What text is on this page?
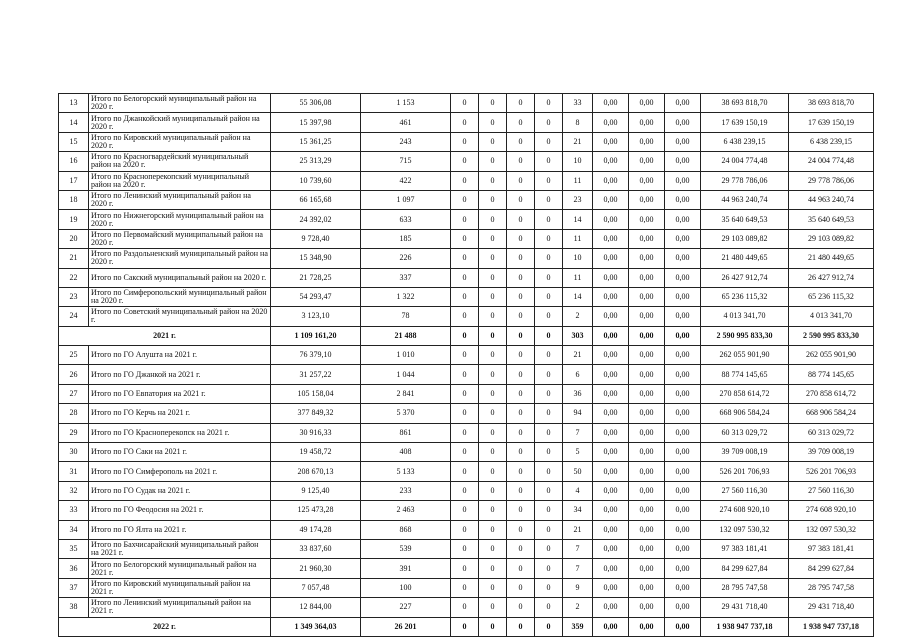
13	Итого по Белогорский муниципальный район на 2020 г.	55 306,08	1 153	0	0	0	0	33	0,00	0,00	0,00	38 693 818,70	38 693 818,70
14	Итого по Джанкойский муниципальный район на 2020 г.	15 397,98	461	0	0	0	0	8	0,00	0,00	0,00	17 639 150,19	17 639 150,19
15	Итого по Кировский муниципальный район на 2020 г.	15 361,25	243	0	0	0	0	21	0,00	0,00	0,00	6 438 239,15	6 438 239,15
16	Итого по Красногвардейский муниципальный район на 2020 г.	25 313,29	715	0	0	0	0	10	0,00	0,00	0,00	24 004 774,48	24 004 774,48
17	Итого по Красноперекопский муниципальный район на 2020 г.	10 739,60	422	0	0	0	0	11	0,00	0,00	0,00	29 778 786,06	29 778 786,06
18	Итого по Ленинский муниципальный район на 2020 г.	66 165,68	1 097	0	0	0	0	23	0,00	0,00	0,00	44 963 240,74	44 963 240,74
19	Итого по Нижнегорский муниципальный район на 2020 г.	24 392,02	633	0	0	0	0	14	0,00	0,00	0,00	35 640 649,53	35 640 649,53
20	Итого по Первомайский муниципальный район на 2020 г.	9 728,40	185	0	0	0	0	11	0,00	0,00	0,00	29 103 089,82	29 103 089,82
21	Итого по Раздольненский муниципальный район на 2020 г.	15 348,90	226	0	0	0	0	10	0,00	0,00	0,00	21 480 449,65	21 480 449,65
22	Итого по Сакский муниципальный район на 2020 г.	21 728,25	337	0	0	0	0	11	0,00	0,00	0,00	26 427 912,74	26 427 912,74
23	Итого по Симферопольский муниципальный район на 2020 г.	54 293,47	1 322	0	0	0	0	14	0,00	0,00	0,00	65 236 115,32	65 236 115,32
24	Итого по Советский муниципальный район на 2020 г.	3 123,10	78	0	0	0	0	2	0,00	0,00	0,00	4 013 341,70	4 013 341,70
2021 г.		1 109 161,20	21 488	0	0	0	0	303	0,00	0,00	0,00	2 590 995 833,30	2 590 995 833,30
25	Итого по ГО Алушта на 2021 г.	76 379,10	1 010	0	0	0	0	21	0,00	0,00	0,00	262 055 901,90	262 055 901,90
26	Итого по ГО Джанкой на 2021 г.	31 257,22	1 044	0	0	0	0	6	0,00	0,00	0,00	88 774 145,65	88 774 145,65
27	Итого по ГО Евпатория на 2021 г.	105 158,04	2 841	0	0	0	0	36	0,00	0,00	0,00	270 858 614,72	270 858 614,72
28	Итого по ГО Керчь на 2021 г.	377 849,32	5 370	0	0	0	0	94	0,00	0,00	0,00	668 906 584,24	668 906 584,24
29	Итого по ГО Красноперекопск на 2021 г.	30 916,33	861	0	0	0	0	7	0,00	0,00	0,00	60 313 029,72	60 313 029,72
30	Итого по ГО Саки на 2021 г.	19 458,72	408	0	0	0	0	5	0,00	0,00	0,00	39 709 008,19	39 709 008,19
31	Итого по ГО Симферополь на 2021 г.	208 670,13	5 133	0	0	0	0	50	0,00	0,00	0,00	526 201 706,93	526 201 706,93
32	Итого по ГО Судак на 2021 г.	9 125,40	233	0	0	0	0	4	0,00	0,00	0,00	27 560 116,30	27 560 116,30
33	Итого по ГО Феодосия на 2021 г.	125 473,28	2 463	0	0	0	0	34	0,00	0,00	0,00	274 608 920,10	274 608 920,10
34	Итого по ГО Ялта на 2021 г.	49 174,28	868	0	0	0	0	21	0,00	0,00	0,00	132 097 530,32	132 097 530,32
35	Итого по Бахчисарайский муниципальный район на 2021 г.	33 837,60	539	0	0	0	0	7	0,00	0,00	0,00	97 383 181,41	97 383 181,41
36	Итого по Белогорский муниципальный район на 2021 г.	21 960,30	391	0	0	0	0	7	0,00	0,00	0,00	84 299 627,84	84 299 627,84
37	Итого по Кировский муниципальный район на 2021 г.	7 057,48	100	0	0	0	0	9	0,00	0,00	0,00	28 795 747,58	28 795 747,58
38	Итого по Ленинский муниципальный район на 2021 г.	12 844,00	227	0	0	0	0	2	0,00	0,00	0,00	29 431 718,40	29 431 718,40
2022 г.		1 349 364,03	26 201	0	0	0	0	359	0,00	0,00	0,00	1 938 947 737,18	1 938 947 737,18
